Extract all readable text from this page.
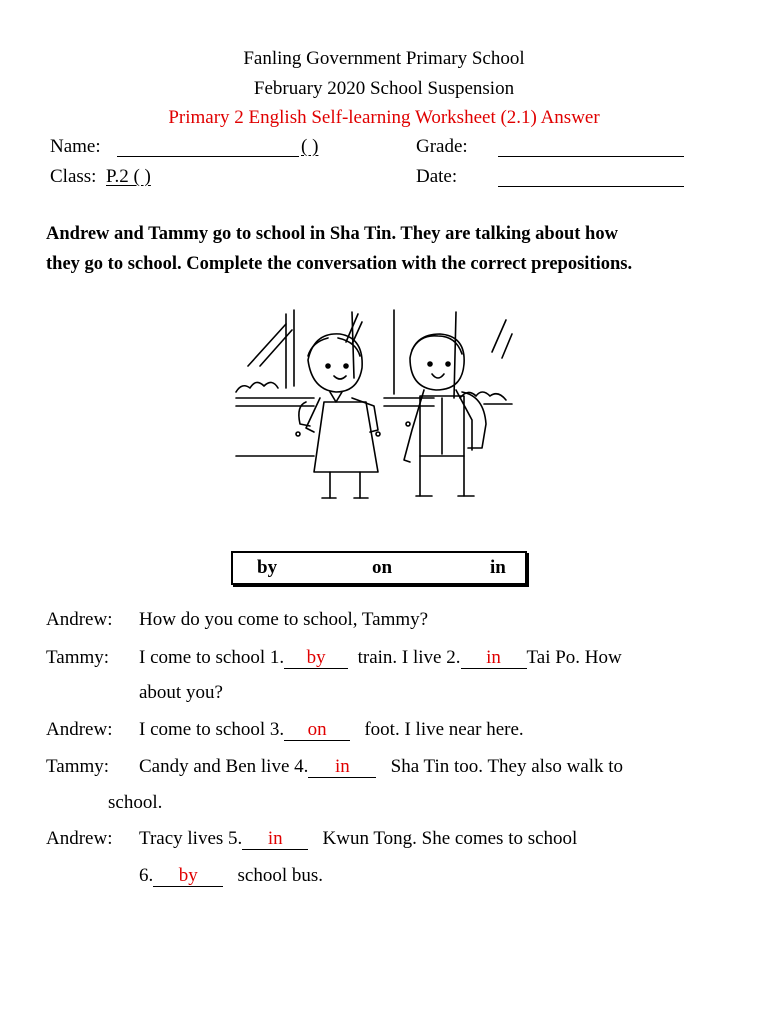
Fanling Government Primary School
February 2020 School Suspension
Primary 2 English Self-learning Worksheet (2.1) Answer
Name:	( )	Grade:
Class: P.2 ( )	Date:
Andrew and Tammy go to school in Sha Tin. They are talking about how
they go to school. Complete the conversation with the correct prepositions.
by	on	in
Andrew: How do you come to school, Tammy?
Tammy: I come to school 1. by train. I live 2. in Tai Po. How
about you?
Andrew: I come to school 3. on foot. I live near here.
Tammy: Candy and Ben live 4. in Sha Tin too. They also walk to
school.
Andrew: Tracy lives 5. in Kwun Tong. She comes to school
6. by school bus.
